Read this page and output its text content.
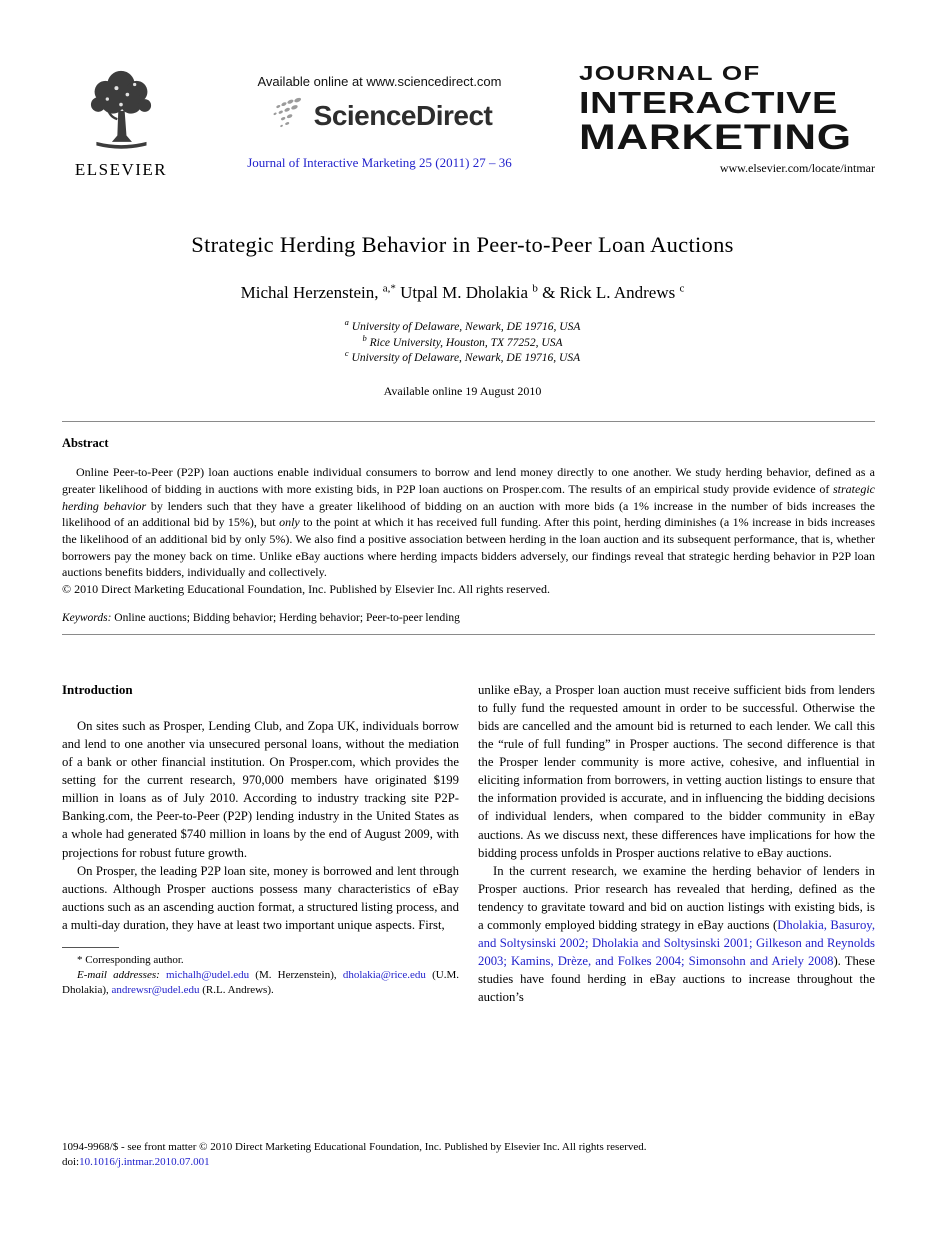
ELSEVIER
Available online at www.sciencedirect.com
ScienceDirect
Journal of Interactive Marketing 25 (2011) 27 – 36
JOURNAL OF
INTERACTIVE
MARKETING
www.elsevier.com/locate/intmar
Strategic Herding Behavior in Peer-to-Peer Loan Auctions
Michal Herzenstein, $^{a,*}$ Utpal M. Dholakia $^b$ & Rick L. Andrews $^c$
$^a$ University of Delaware, Newark, DE 19716, USA
$^b$ Rice University, Houston, TX 77252, USA
$^c$ University of Delaware, Newark, DE 19716, USA
Available online 19 August 2010
Abstract

Online Peer-to-Peer (P2P) loan auctions enable individual consumers to borrow and lend money directly to one another. We study herding behavior, defined as a greater likelihood of bidding in auctions with more existing bids, in P2P loan auctions on Prosper.com. The results of an empirical study provide evidence of strategic herding behavior by lenders such that they have a greater likelihood of bidding on an auction with more bids (a 1% increase in the number of bids increases the likelihood of an additional bid by 15%), but only to the point at which it has received full funding. After this point, herding diminishes (a 1% increase in bids increases the likelihood of an additional bid by only 5%). We also find a positive association between herding in the loan auction and its subsequent performance, that is, whether borrowers pay the money back on time. Unlike eBay auctions where herding impacts bidders adversely, our findings reveal that strategic herding behavior in P2P loan auctions benefits bidders, individually and collectively.

© 2010 Direct Marketing Educational Foundation, Inc. Published by Elsevier Inc. All rights reserved.

Keywords: Online auctions; Bidding behavior; Herding behavior; Peer-to-peer lending
Introduction

On sites such as Prosper, Lending Club, and Zopa UK, individuals borrow and lend to one another via unsecured personal loans, without the mediation of a bank or other financial institution. On Prosper.com, which provides the setting for the current research, 970,000 members have originated $199 million in loans as of July 2010. According to industry tracking site P2P-Banking.com, the Peer-to-Peer (P2P) lending industry in the United States as a whole had generated $740 million in loans by the end of August 2009, with projections for robust future growth.

On Prosper, the leading P2P loan site, money is borrowed and lent through auctions. Although Prosper auctions possess many characteristics of eBay auctions such as an ascending auction format, a structured listing process, and a multi-day duration, they have at least two important unique aspects. First,

* Corresponding author.

E-mail addresses: michalh@udel.edu (M. Herzenstein), dholakia@rice.edu (U.M. Dholakia), andrewsr@udel.edu (R.L. Andrews).

unlike eBay, a Prosper loan auction must receive sufficient bids from lenders to fully fund the requested amount in order to be successful. Otherwise the bids are cancelled and the amount bid is returned to each lender. We call this the “rule of full funding” in Prosper auctions. The second difference is that the Prosper lender community is more active, cohesive, and influential in eliciting information from borrowers, in vetting auction listings to ensure that the information provided is accurate, and in influencing the bidding decisions of individual lenders, when compared to the bidder community in eBay auctions. As we discuss next, these differences have implications for how the bidding process unfolds in Prosper auctions relative to eBay auctions.

In the current research, we examine the herding behavior of lenders in Prosper auctions. Prior research has revealed that herding, defined as the tendency to gravitate toward and bid on auction listings with existing bids, is a commonly employed bidding strategy in eBay auctions (Dholakia, Basuroy, and Soltysinski 2002; Dholakia and Soltysinski 2001; Gilkeson and Reynolds 2003; Kamins, Drèze, and Folkes 2004; Simonsohn and Ariely 2008). These studies have found herding in eBay auctions to increase throughout the auction’s

1094-9968/$ - see front matter © 2010 Direct Marketing Educational Foundation, Inc. Published by Elsevier Inc. All rights reserved.
doi:10.1016/j.intmar.2010.07.001
